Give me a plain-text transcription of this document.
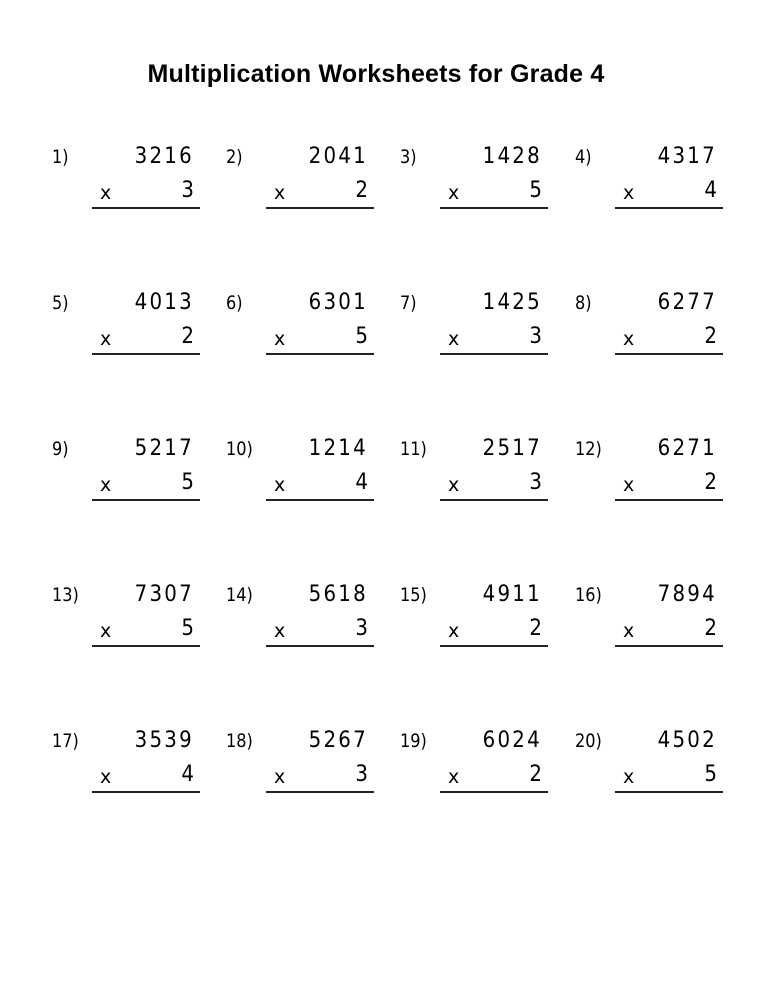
Multiplication Worksheets for Grade 4
1)	3216
x	3
2)	2041
x	2
3)	1428
x	5
4)	4317
x	4
5)	4013
x	2
6)	6301
x	5
7)	1425
x	3
8)	6277
x	2
9)	5217
x	5
10)	1214
x	4
11)	2517
x	3
12)	6271
x	2
13)	7307
x	5
14)	5618
x	3
15)	4911
x	2
16)	7894
x	2
17)	3539
x	4
18)	5267
x	3
19)	6024
x	2
20)	4502
x	5
